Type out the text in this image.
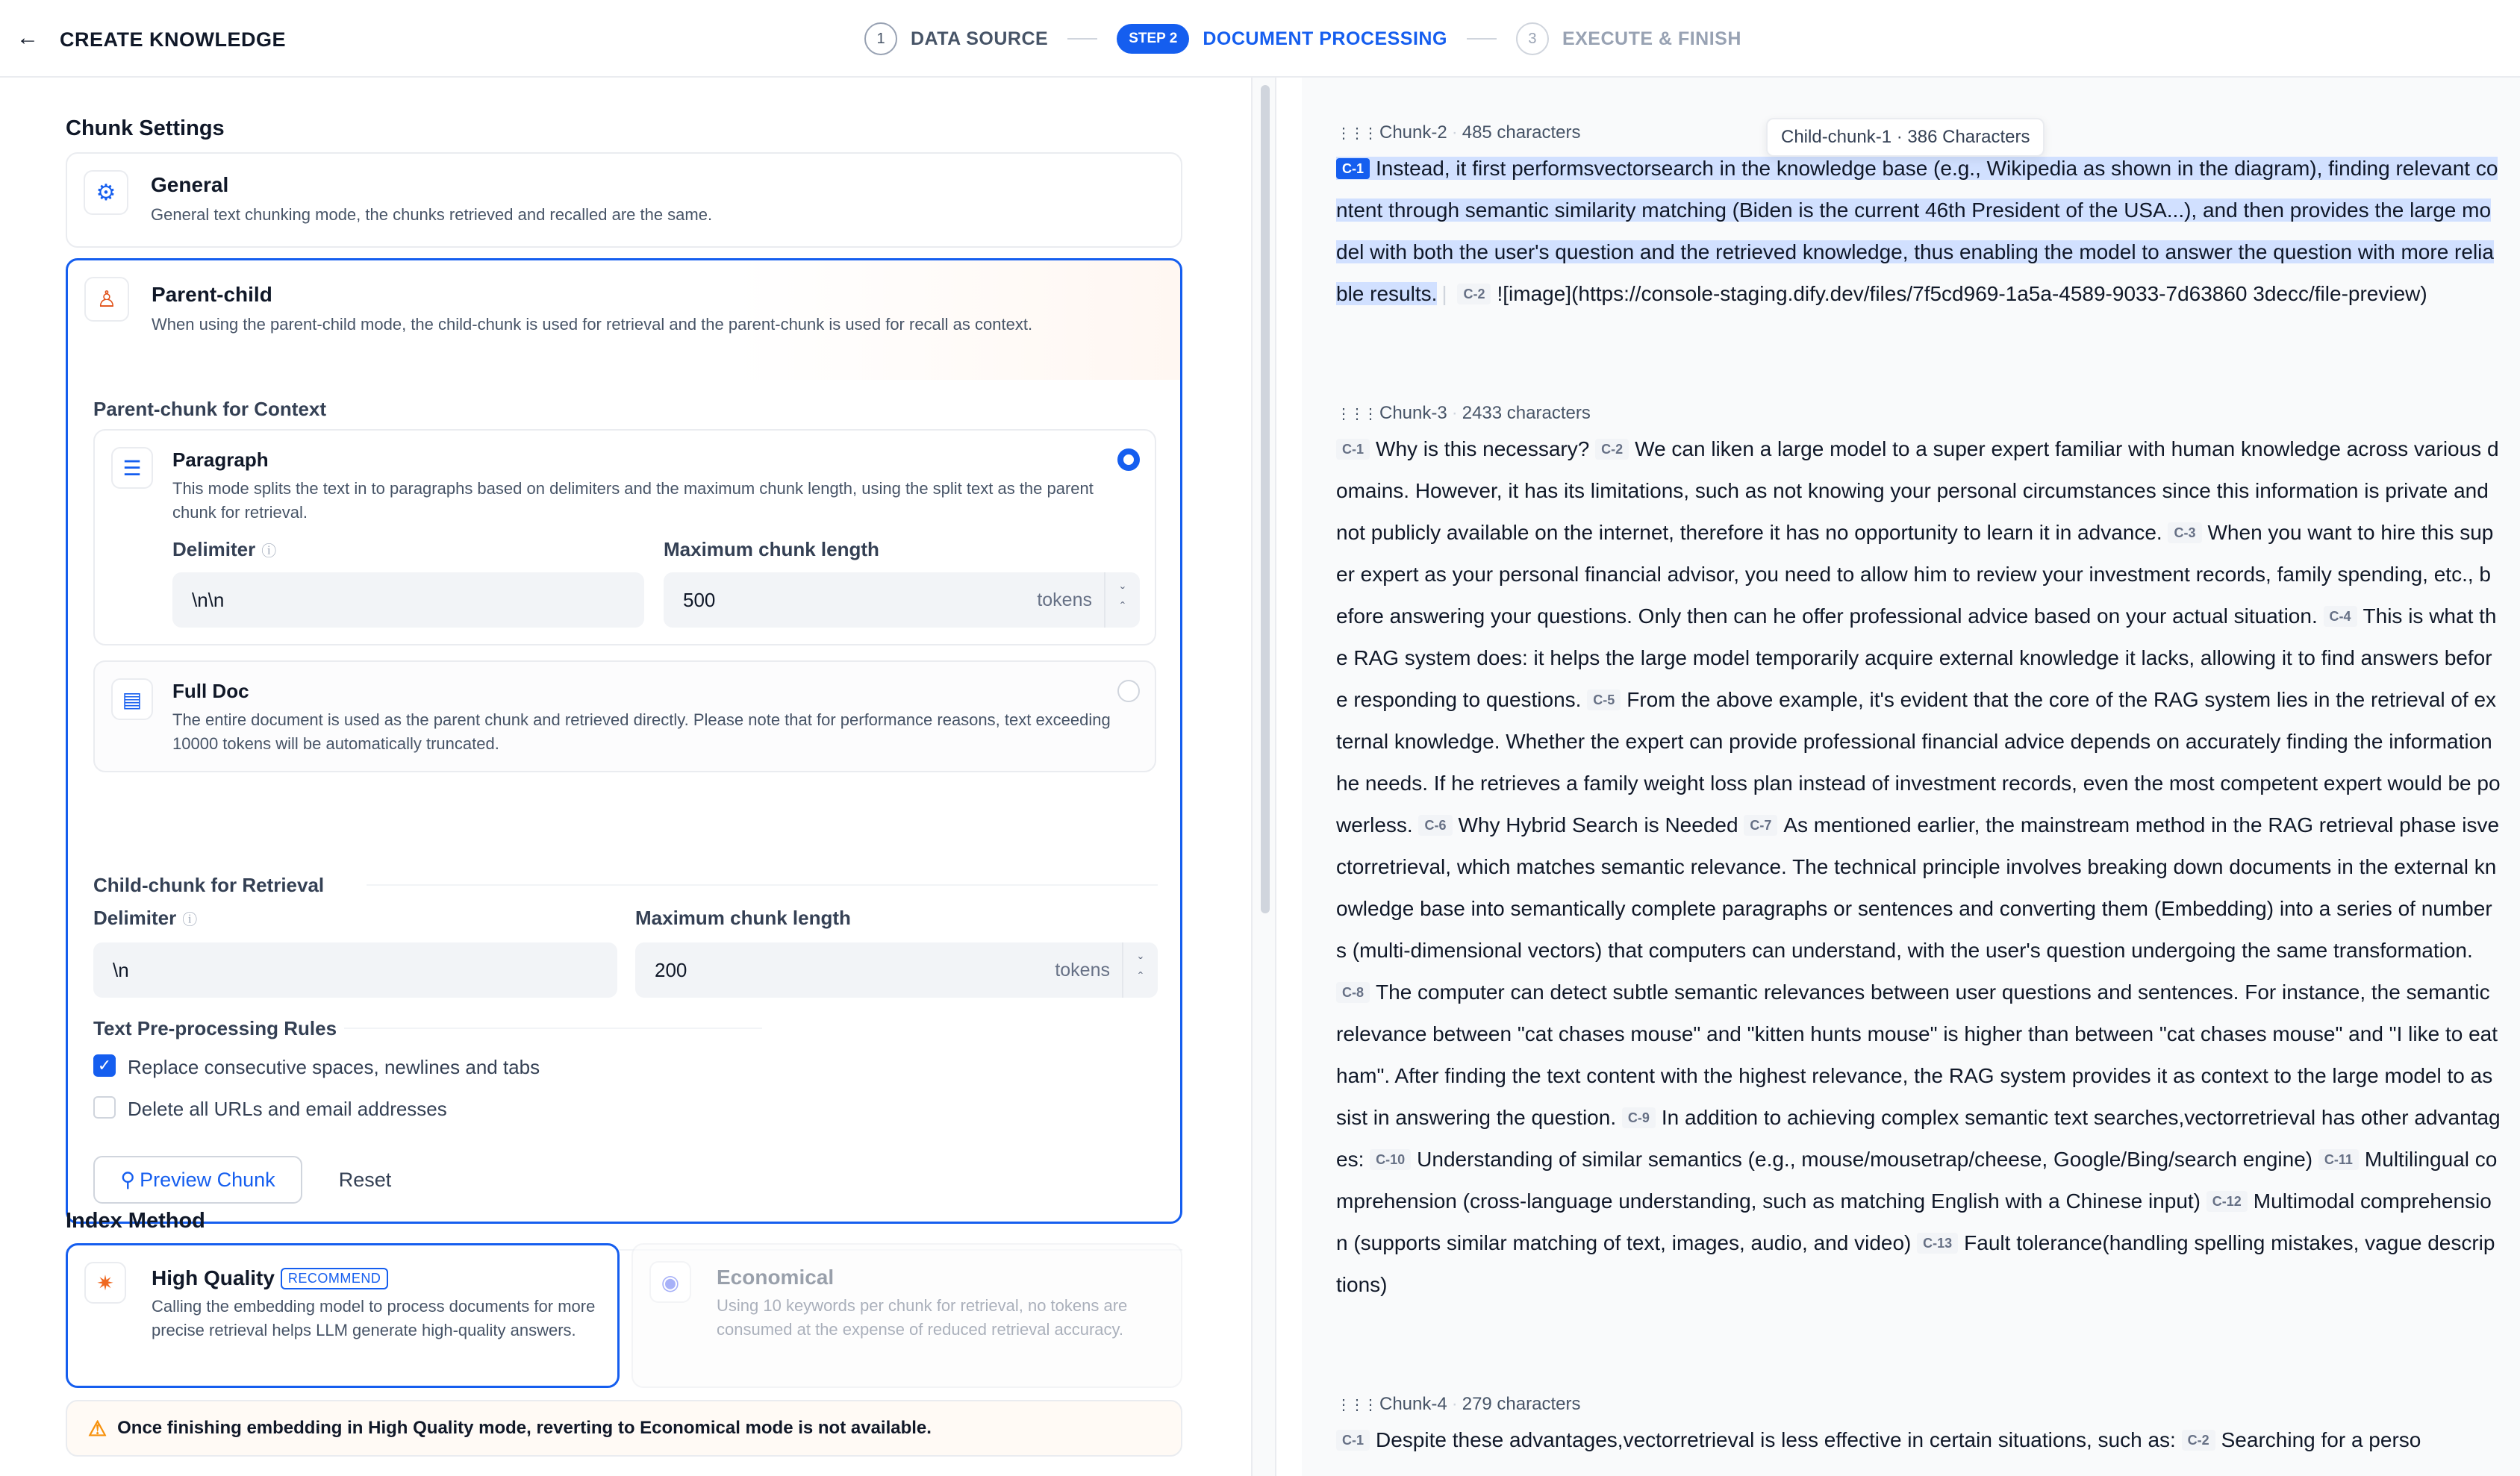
← CREATE KNOWLEDGE	1	DATA SOURCE	STEP 2	DOCUMENT PROCESSING	3	EXECUTE & FINISH
Chunk Settings
⚙	General
General text chunking mode, the chunks retrieved and recalled are the same.
♙	Parent-child
When using the parent-child mode, the child-chunk is used for retrieval and the parent-chunk is used for recall as context.
Parent-chunk for Context
☰	Paragraph
This mode splits the text in to paragraphs based on delimiters and the maximum chunk length, using the split text as the parent chunk for retrieval.
Delimiter ⓘ
\n\n
Maximum chunk length
500	tokens ˇ
ˆ
▤	Full Doc
The entire document is used as the parent chunk and retrieved directly. Please note that for performance reasons, text exceeding 10000 tokens will be automatically truncated.
Child-chunk for Retrieval
Delimiter ⓘ
\n
Maximum chunk length
200	tokens ˇ
ˆ
Text Pre-processing Rules
✓ Replace consecutive spaces, newlines and tabs
Delete all URLs and email addresses
⚲ Preview Chunk	Reset
Index Method
✷	High Quality RECOMMEND
Calling the embedding model to process documents for more precise retrieval helps LLM generate high-quality answers.
◉	Economical
Using 10 keywords per chunk for retrieval, no tokens are consumed at the expense of reduced retrieval accuracy.
⚠ Once finishing embedding in High Quality mode, reverting to Economical mode is not available.
⋮⋮⋮ Chunk-2 · 485 characters
C-1 Instead, it first performsvectorsearch in the knowledge base (e.g., Wikipedia as shown in the diagram), finding relevant content through semantic similarity matching (Biden is the current 46th President of the USA...), and then provides the large model with both the user's question and the retrieved knowledge, thus enabling the model to answer the question with more reliable results. | C-2 ![image](https://console-staging.dify.dev/files/7f5cd969-1a5a-4589-9033-7d63860 3decc/file-preview)
⋮⋮⋮ Chunk-3 · 2433 characters
C-1 Why is this necessary? C-2 We can liken a large model to a super expert familiar with human knowledge across various domains. However, it has its limitations, such as not knowing your personal circumstances since this information is private and not publicly available on the internet, therefore it has no opportunity to learn it in advance. C-3 When you want to hire this super expert as your personal financial advisor, you need to allow him to review your investment records, family spending, etc., before answering your questions. Only then can he offer professional advice based on your actual situation. C-4 This is what the RAG system does: it helps the large model temporarily acquire external knowledge it lacks, allowing it to find answers before responding to questions. C-5 From the above example, it's evident that the core of the RAG system lies in the retrieval of external knowledge. Whether the expert can provide professional financial advice depends on accurately finding the information he needs. If he retrieves a family weight loss plan instead of investment records, even the most competent expert would be powerless. C-6 Why Hybrid Search is Needed C-7 As mentioned earlier, the mainstream method in the RAG retrieval phase isvectorretrieval, which matches semantic relevance. The technical principle involves breaking down documents in the external knowledge base into semantically complete paragraphs or sentences and converting them (Embedding) into a series of numbers (multi-dimensional vectors) that computers can understand, with the user's question undergoing the same transformation. C-8 The computer can detect subtle semantic relevances between user questions and sentences. For instance, the semantic relevance between "cat chases mouse" and "kitten hunts mouse" is higher than between "cat chases mouse" and "I like to eat ham". After finding the text content with the highest relevance, the RAG system provides it as context to the large model to assist in answering the question. C-9 In addition to achieving complex semantic text searches,vectorretrieval has other advantages: C-10 Understanding of similar semantics (e.g., mouse/mousetrap/cheese, Google/Bing/search engine) C-11 Multilingual comprehension (cross-language understanding, such as matching English with a Chinese input) C-12 Multimodal comprehension (supports similar matching of text, images, audio, and video) C-13 Fault tolerance(handling spelling mistakes, vague descriptions)
⋮⋮⋮ Chunk-4 · 279 characters
C-1 Despite these advantages,vectorretrieval is less effective in certain situations, such as: C-2 Searching for a perso
Child-chunk-1 · 386 Characters
